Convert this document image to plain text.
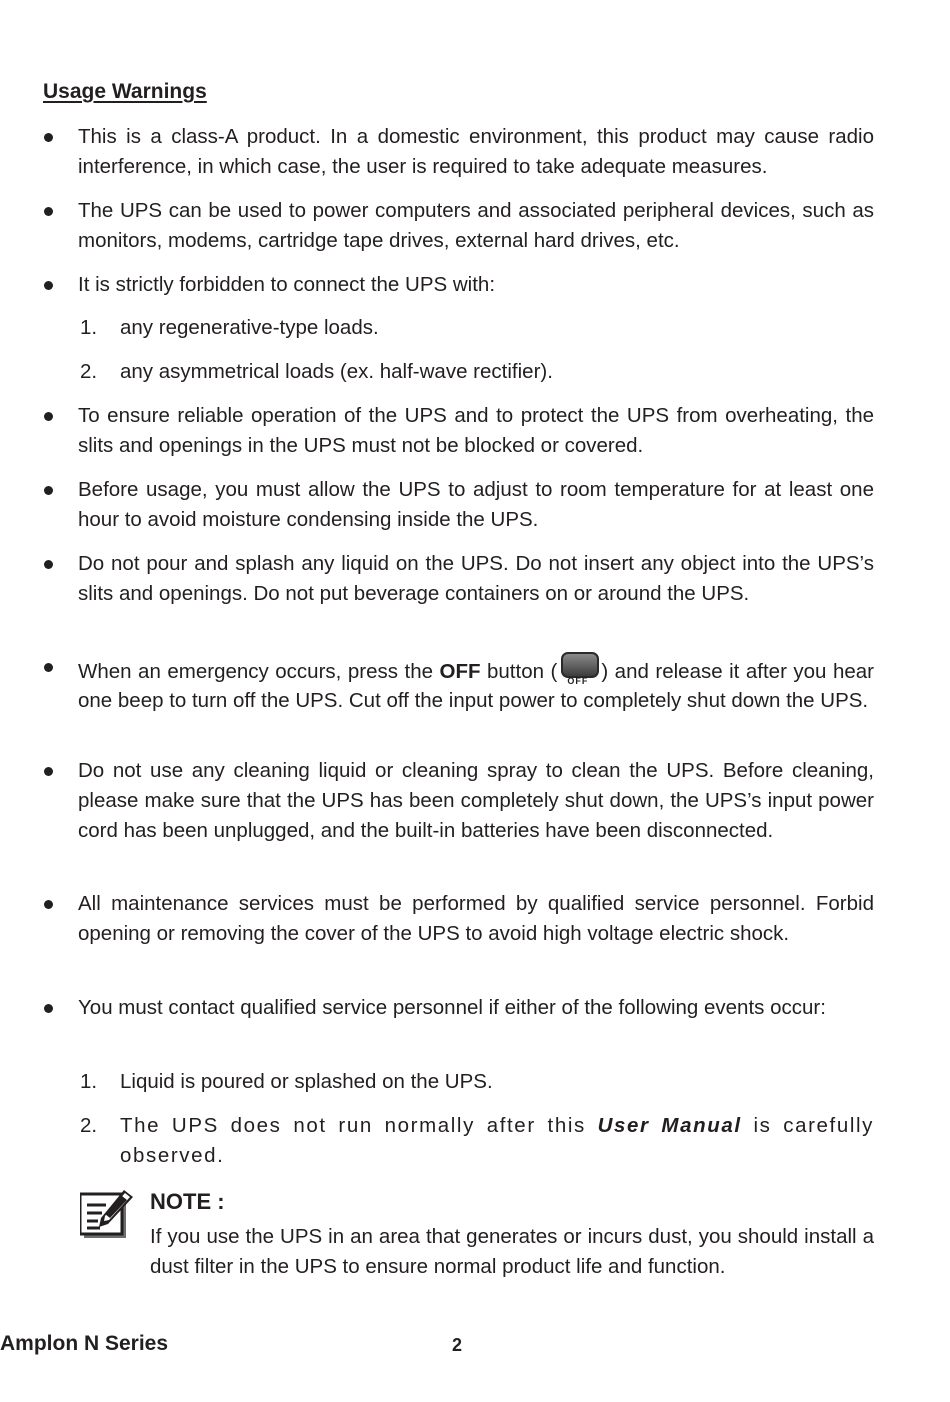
Usage Warnings
This is a class-A product. In a domestic environment, this product may cause radio interference, in which case, the user is required to take adequate measures.
The UPS can be used to power computers and associated peripheral devices, such as monitors, modems, cartridge tape drives, external hard drives, etc.
It is strictly forbidden to connect the UPS with:
1. any regenerative-type loads.
2. any asymmetrical loads (ex. half-wave rectifier).
To ensure reliable operation of the UPS and to protect the UPS from overheating, the slits and openings in the UPS must not be blocked or covered.
Before usage, you must allow the UPS to adjust to room temperature for at least one hour to avoid moisture condensing inside the UPS.
Do not pour and splash any liquid on the UPS. Do not insert any object into the UPS’s slits and openings. Do not put beverage containers on or around the UPS.
When an emergency occurs, press the OFF button ( OFF ) and release it after you hear one beep to turn off the UPS. Cut off the input power to completely shut down the UPS.
Do not use any cleaning liquid or cleaning spray to clean the UPS. Before cleaning, please make sure that the UPS has been completely shut down, the UPS’s input power cord has been unplugged, and the built-in batteries have been disconnected.
All maintenance services must be performed by qualified service personnel. Forbid opening or removing the cover of the UPS to avoid high voltage electric shock.
You must contact qualified service personnel if either of the following events occur:
1. Liquid is poured or splashed on the UPS.
2. The UPS does not run normally after this User Manual is carefully observed.
NOTE :
If you use the UPS in an area that generates or incurs dust, you should install a dust filter in the UPS to ensure normal product life and function.
Amplon N Series	2
